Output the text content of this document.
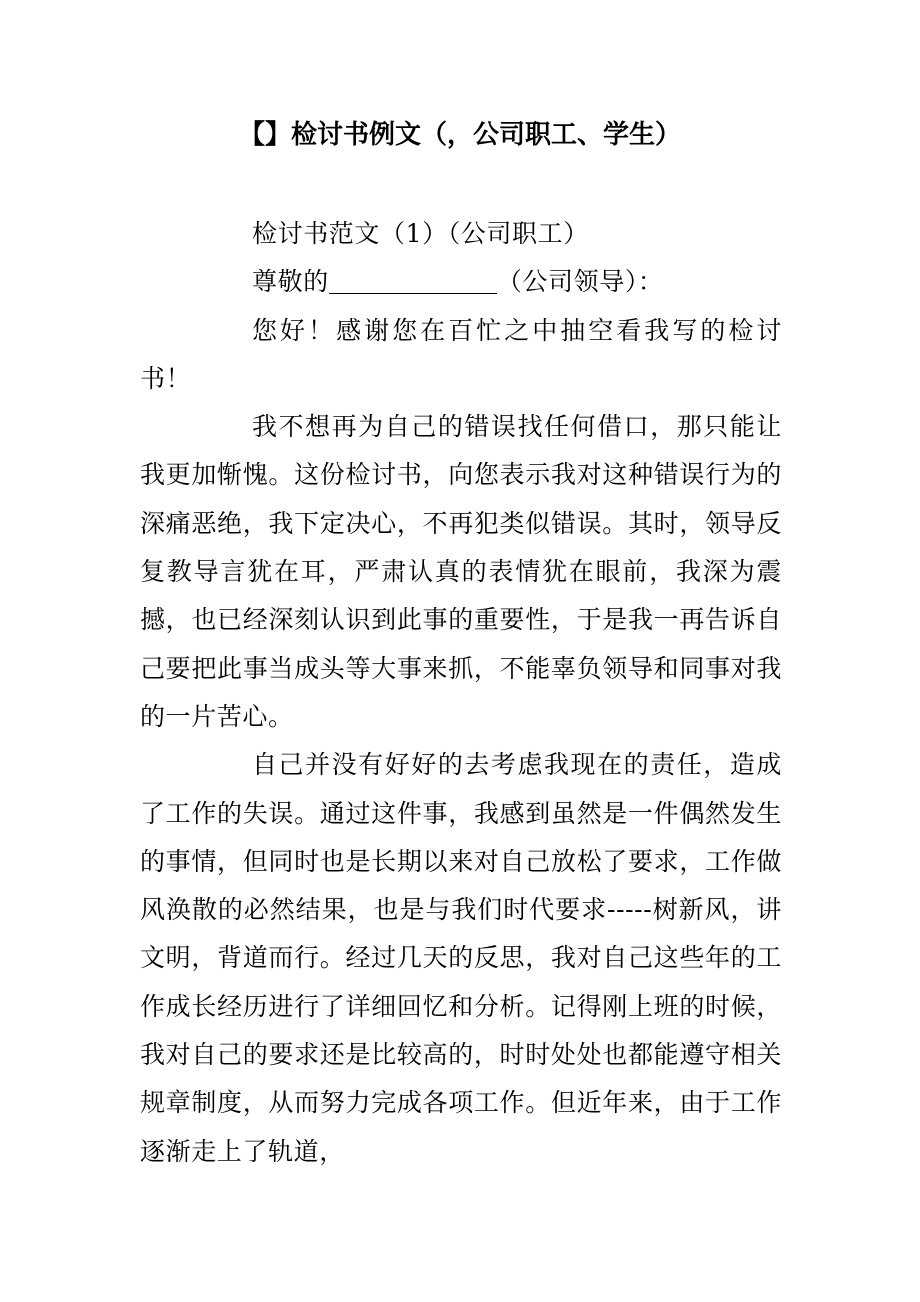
【】检讨书例文（，公司职工、学生）

检讨书范文（1）（公司职工）

尊敬的	（公司领导）：

您好！感谢您在百忙之中抽空看我写的检讨书！

我不想再为自己的错误找任何借口，那只能让我更加惭愧。这份检讨书，向您表示我对这种错误行为的深痛恶绝，我下定决心，不再犯类似错误。其时，领导反复教导言犹在耳，严肃认真的表情犹在眼前，我深为震撼，也已经深刻认识到此事的重要性，于是我一再告诉自己要把此事当成头等大事来抓，不能辜负领导和同事对我的一片苦心。

自己并没有好好的去考虑我现在的责任，造成了工作的失误。通过这件事，我感到虽然是一件偶然发生的事情，但同时也是长期以来对自己放松了要求，工作做风涣散的必然结果，也是与我们时代要求-----树新风，讲文明，背道而行。经过几天的反思，我对自己这些年的工作成长经历进行了详细回忆和分析。记得刚上班的时候，我对自己的要求还是比较高的，时时处处也都能遵守相关规章制度，从而努力完成各项工作。但近年来，由于工作逐渐走上了轨道，
